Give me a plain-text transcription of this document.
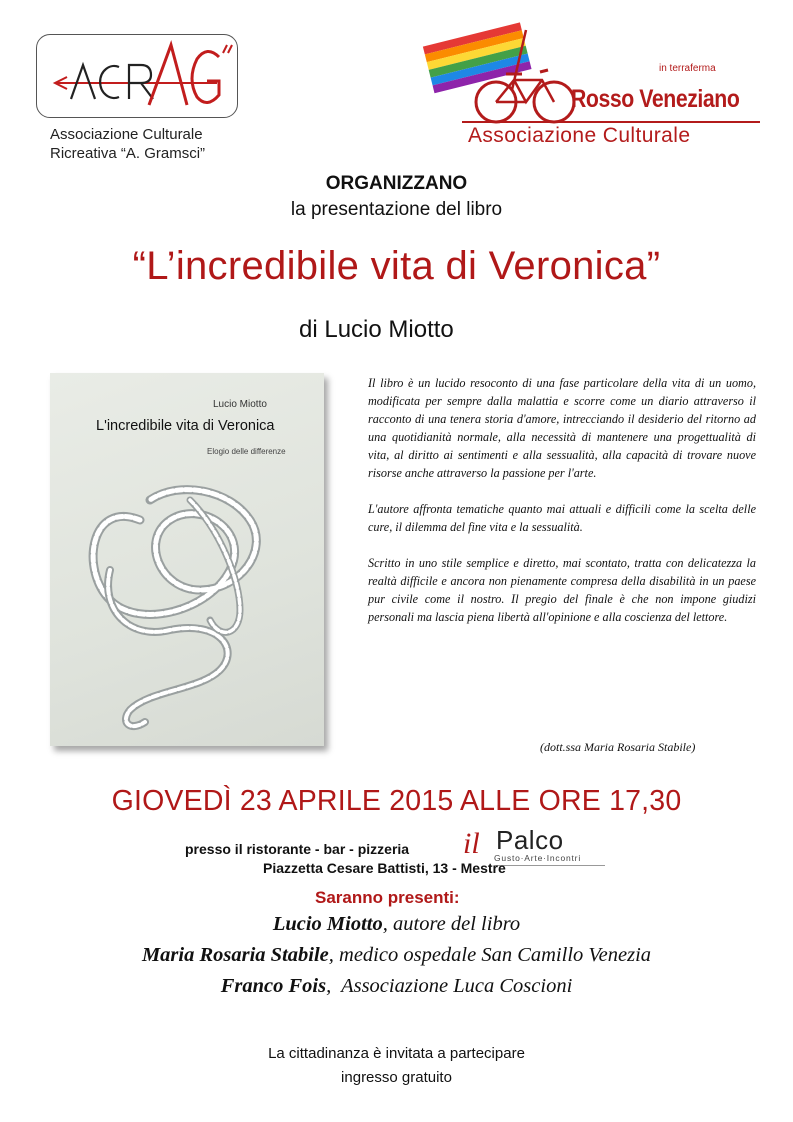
Associazione Culturale
Ricreativa “A. Gramsci”
in terraferma
Rosso Veneziano
Associazione Culturale
ORGANIZZANO
la presentazione del libro
“L’incredibile vita di Veronica”
di Lucio Miotto
Lucio Miotto
L'incredibile vita di Veronica
Elogio delle differenze

Il libro è un lucido resoconto di una fase particolare della vita di un uomo, modificata per sempre dalla malattia e scorre come un diario attraverso il racconto di una tenera storia d'amore, intrecciando il desiderio del ritorno ad una quotidianità normale, alla necessità di mantenere una progettualità di vita, al diritto ai sentimenti e alla sessualità, alla capacità di trovare nuove risorse anche attraverso la passione per l'arte.

L'autore affronta tematiche quanto mai attuali e difficili come la scelta delle cure, il dilemma del fine vita e la sessualità.

Scritto in uno stile semplice e diretto, mai scontato, tratta con delicatezza la realtà difficile e ancora non pienamente compresa della disabilità in un paese pur civile come il nostro. Il pregio del finale è che non impone giudizi personali ma lascia piena libertà all'opinione e alla coscienza del lettore.

(dott.ssa Maria Rosaria Stabile)
GIOVEDÌ 23 APRILE 2015 ALLE ORE 17,30
presso il ristorante - bar - pizzeria il Palco
Gusto·Arte·Incontri
Piazzetta Cesare Battisti, 13 - Mestre
Saranno presenti:
Lucio Miotto, autore del libro
Maria Rosaria Stabile, medico ospedale San Camillo Venezia
Franco Fois,  Associazione Luca Coscioni
La cittadinanza è invitata a partecipare
ingresso gratuito
